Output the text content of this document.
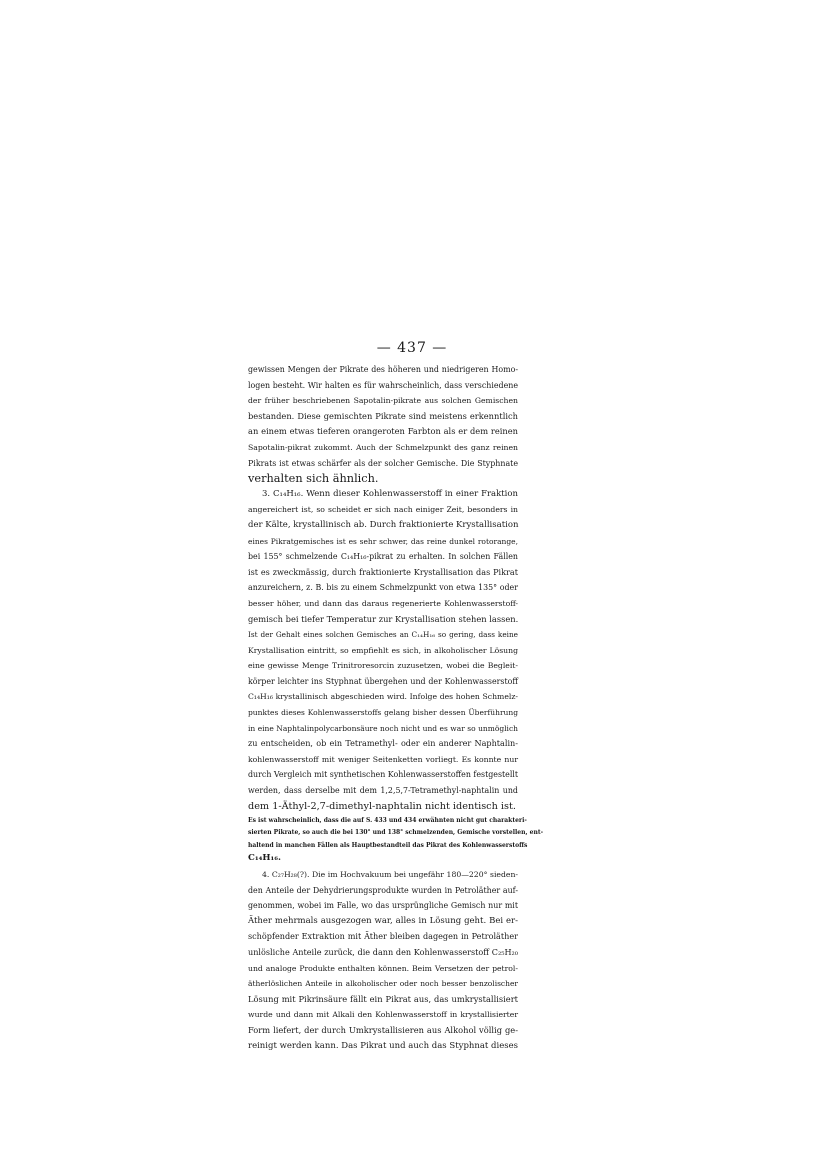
— 437 —
gewissen Mengen der Pikrate des höheren und niedrigeren Homo-
logen besteht. Wir halten es für wahrscheinlich, dass verschiedene
der früher beschriebenen Sapotalin-pikrate aus solchen Gemischen
bestanden. Diese gemischten Pikrate sind meistens erkenntlich
an einem etwas tieferen orangeroten Farbton als er dem reinen
Sapotalin-pikrat zukommt. Auch der Schmelzpunkt des ganz reinen
Pikrats ist etwas schärfer als der solcher Gemische. Die Styphnate
verhalten sich ähnlich.
3. C₁₄H₁₆. Wenn dieser Kohlenwasserstoff in einer Fraktion
angereichert ist, so scheidet er sich nach einiger Zeit, besonders in
der Kälte, krystallinisch ab. Durch fraktionierte Krystallisation
eines Pikratgemisches ist es sehr schwer, das reine dunkel rotorange,
bei 155° schmelzende C₁₄H₁₆-pikrat zu erhalten. In solchen Fällen
ist es zweckmässig, durch fraktionierte Krystallisation das Pikrat
anzureichern, z. B. bis zu einem Schmelzpunkt von etwa 135° oder
besser höher, und dann das daraus regenerierte Kohlenwasserstoff-
gemisch bei tiefer Temperatur zur Krystallisation stehen lassen.
Ist der Gehalt eines solchen Gemisches an C₁₄H₁₆ so gering, dass keine
Krystallisation eintritt, so empfiehlt es sich, in alkoholischer Lösung
eine gewisse Menge Trinitroresorcin zuzusetzen, wobei die Begleit-
körper leichter ins Styphnat übergehen und der Kohlenwasserstoff
C₁₄H₁₆ krystallinisch abgeschieden wird. Infolge des hohen Schmelz-
punktes dieses Kohlenwasserstoffs gelang bisher dessen Überführung
in eine Naphtalinpolycarbonsäure noch nicht und es war so unmöglich
zu entscheiden, ob ein Tetramethyl- oder ein anderer Naphtalin-
kohlenwasserstoff mit weniger Seitenketten vorliegt. Es konnte nur
durch Vergleich mit synthetischen Kohlenwasserstoffen festgestellt
werden, dass derselbe mit dem 1,2,5,7-Tetramethyl-naphtalin und
dem 1-Äthyl-2,7-dimethyl-naphtalin nicht identisch ist.
Es ist wahrscheinlich, dass die auf S. 433 und 434 erwähnten nicht gut charakteri-
sierten Pikrate, so auch die bei 130° und 138° schmelzenden, Gemische vorstellen, ent-
haltend in manchen Fällen als Hauptbestandteil das Pikrat des Kohlenwasserstoffs
C₁₄H₁₆.
4. C₂₇H₂₈(?). Die im Hochvakuum bei ungefähr 180—220° sieden-
den Anteile der Dehydrierungsprodukte wurden in Petroläther auf-
genommen, wobei im Falle, wo das ursprüngliche Gemisch nur mit
Äther mehrmals ausgezogen war, alles in Lösung geht. Bei er-
schöpfender Extraktion mit Äther bleiben dagegen in Petroläther
unlösliche Anteile zurück, die dann den Kohlenwasserstoff C₂₅H₂₀
und analoge Produkte enthalten können. Beim Versetzen der petrol-
ätherlöslichen Anteile in alkoholischer oder noch besser benzolischer
Lösung mit Pikrinsäure fällt ein Pikrat aus, das umkrystallisiert
wurde und dann mit Alkali den Kohlenwasserstoff in krystallisierter
Form liefert, der durch Umkrystallisieren aus Alkohol völlig ge-
reinigt werden kann. Das Pikrat und auch das Styphnat dieses
